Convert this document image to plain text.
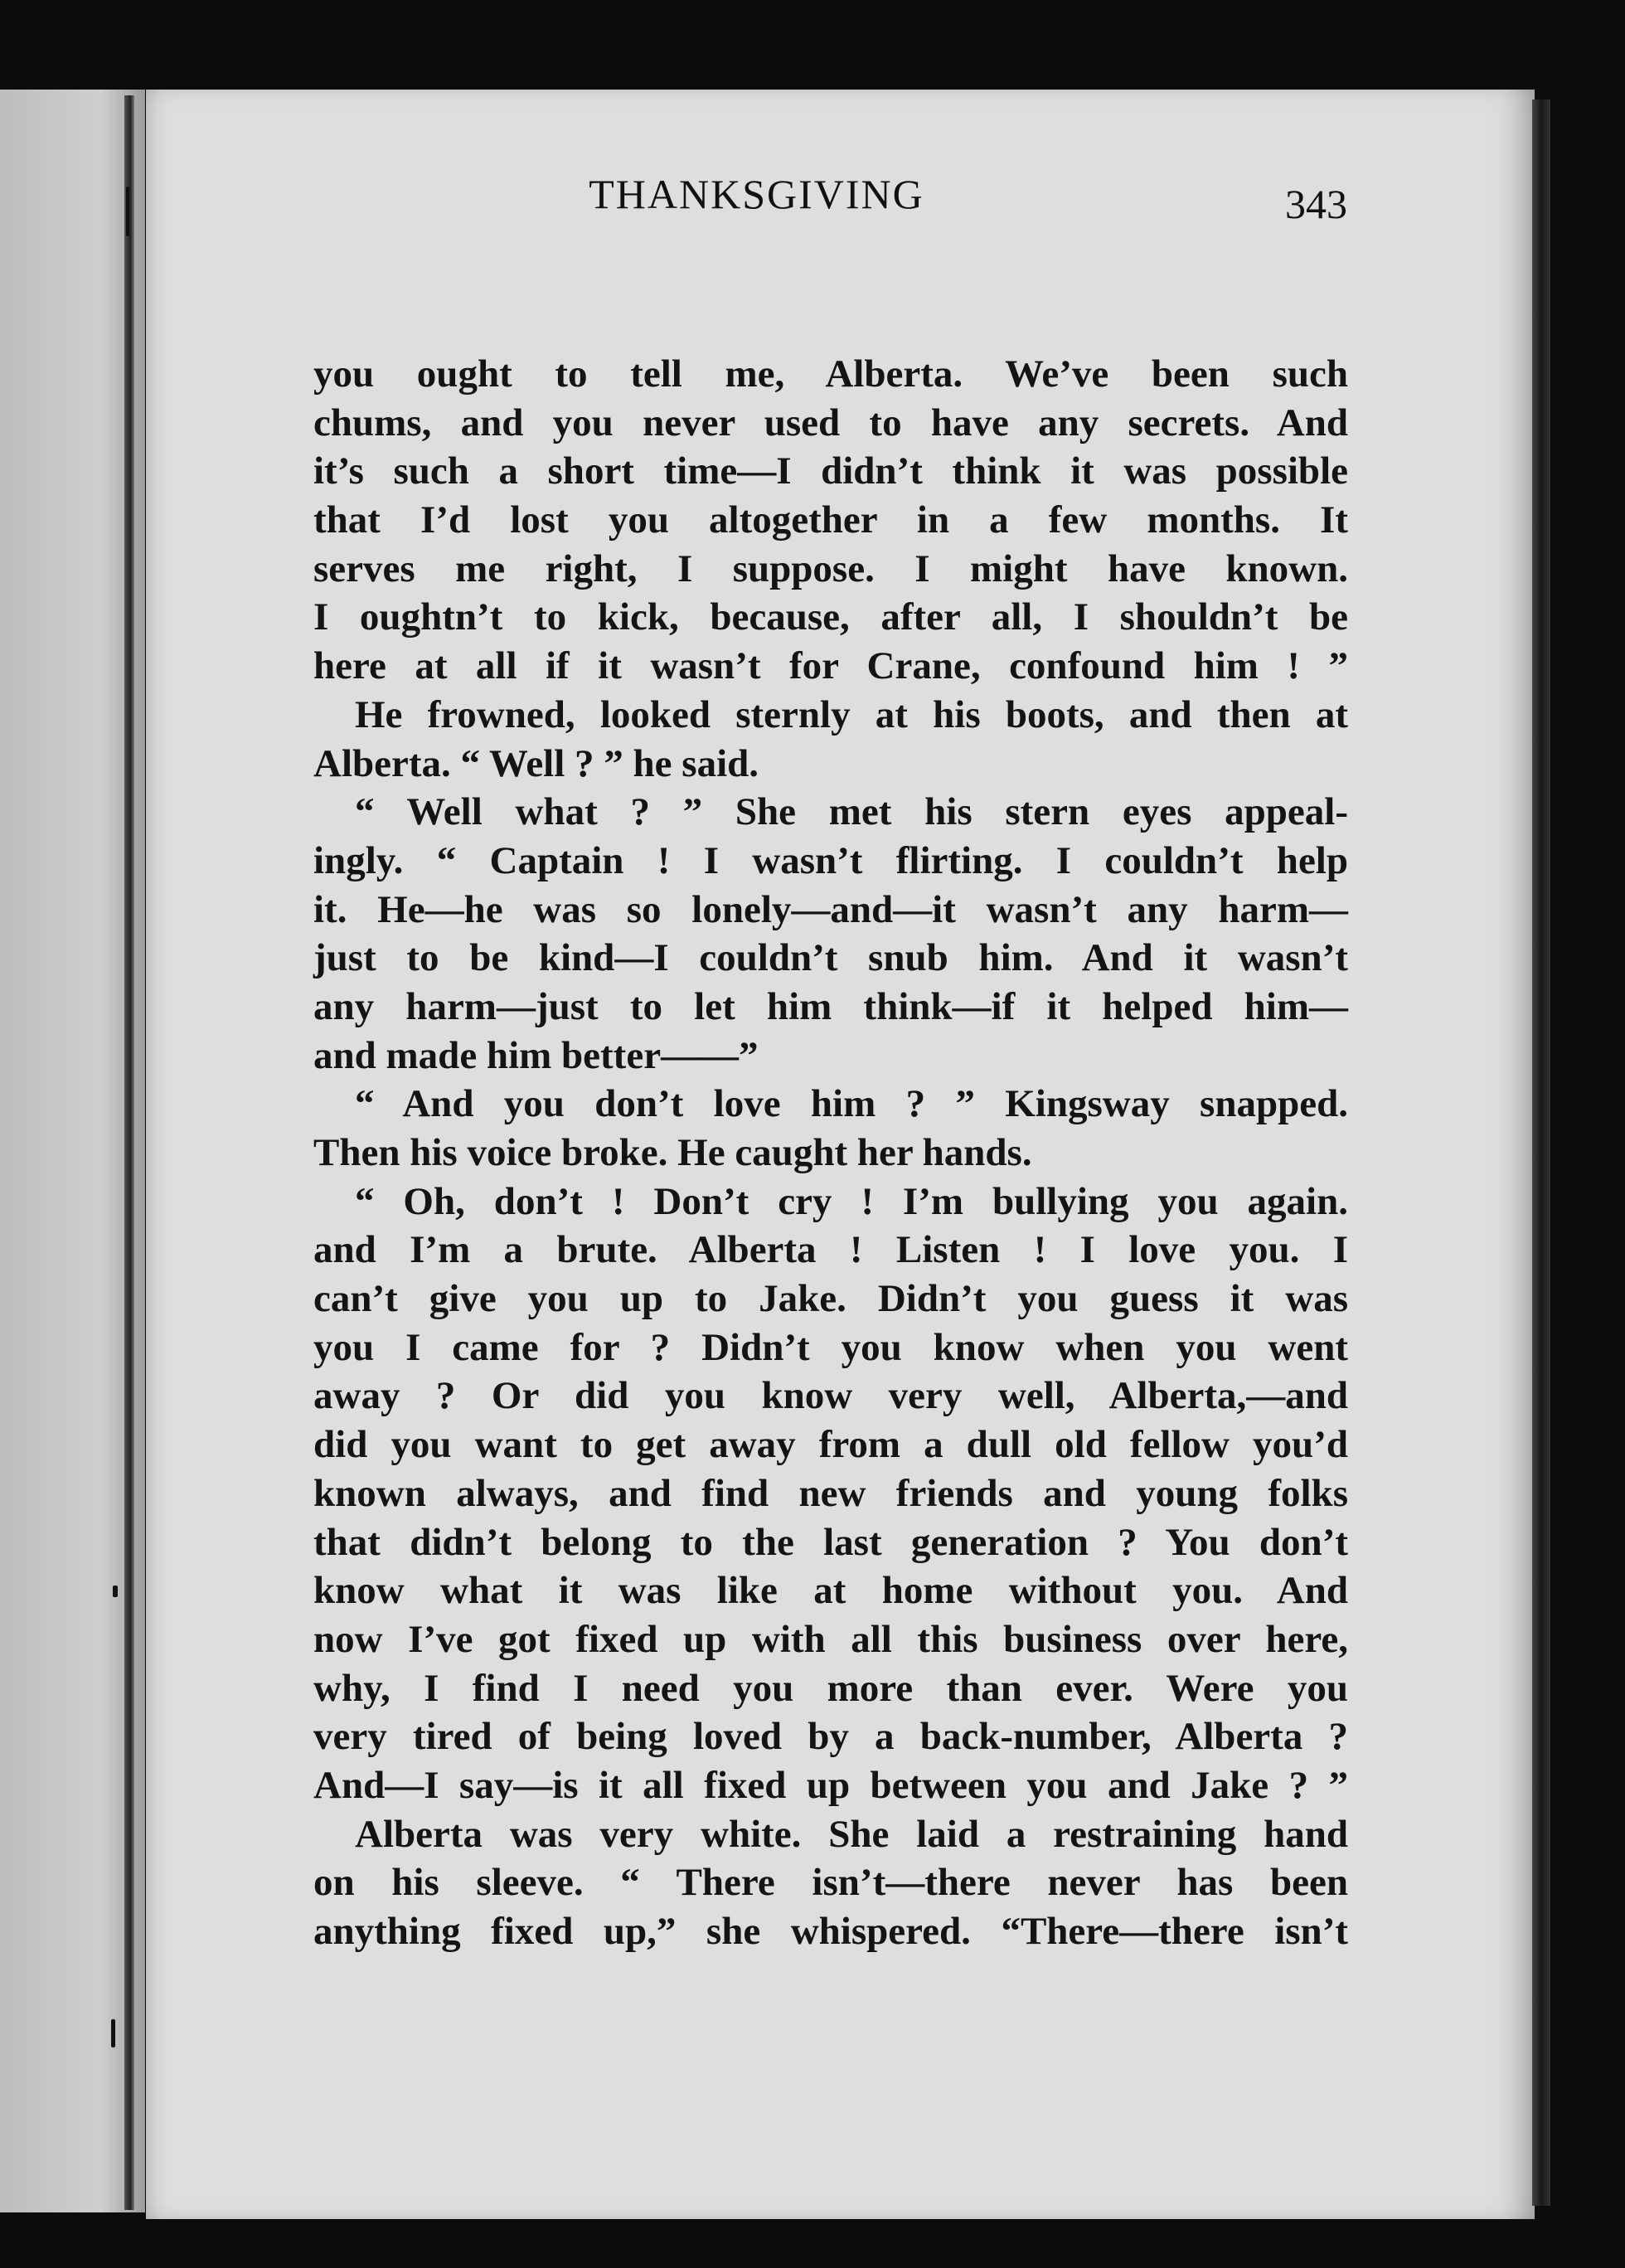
THANKSGIVING	343
you ought to tell me, Alberta. We’ve been such
chums, and you never used to have any secrets. And
it’s such a short time—I didn’t think it was possible
that I’d lost you altogether in a few months. It
serves me right, I suppose. I might have known.
I oughtn’t to kick, because, after all, I shouldn’t be
here at all if it wasn’t for Crane, confound him ! ”
He frowned, looked sternly at his boots, and then at
Alberta. “ Well ? ” he said.
“ Well what ? ” She met his stern eyes appeal-
ingly. “ Captain ! I wasn’t flirting. I couldn’t help
it. He—he was so lonely—and—it wasn’t any harm—
just to be kind—I couldn’t snub him. And it wasn’t
any harm—just to let him think—if it helped him—
and made him better——”
“ And you don’t love him ? ” Kingsway snapped.
Then his voice broke. He caught her hands.
“ Oh, don’t ! Don’t cry ! I’m bullying you again.
and I’m a brute. Alberta ! Listen ! I love you. I
can’t give you up to Jake. Didn’t you guess it was
you I came for ? Didn’t you know when you went
away ? Or did you know very well, Alberta,—and
did you want to get away from a dull old fellow you’d
known always, and find new friends and young folks
that didn’t belong to the last generation ? You don’t
know what it was like at home without you. And
now I’ve got fixed up with all this business over here,
why, I find I need you more than ever. Were you
very tired of being loved by a back-number, Alberta ?
And—I say—is it all fixed up between you and Jake ? ”
Alberta was very white. She laid a restraining hand
on his sleeve. “ There isn’t—there never has been
anything fixed up,” she whispered. “There—there isn’t
